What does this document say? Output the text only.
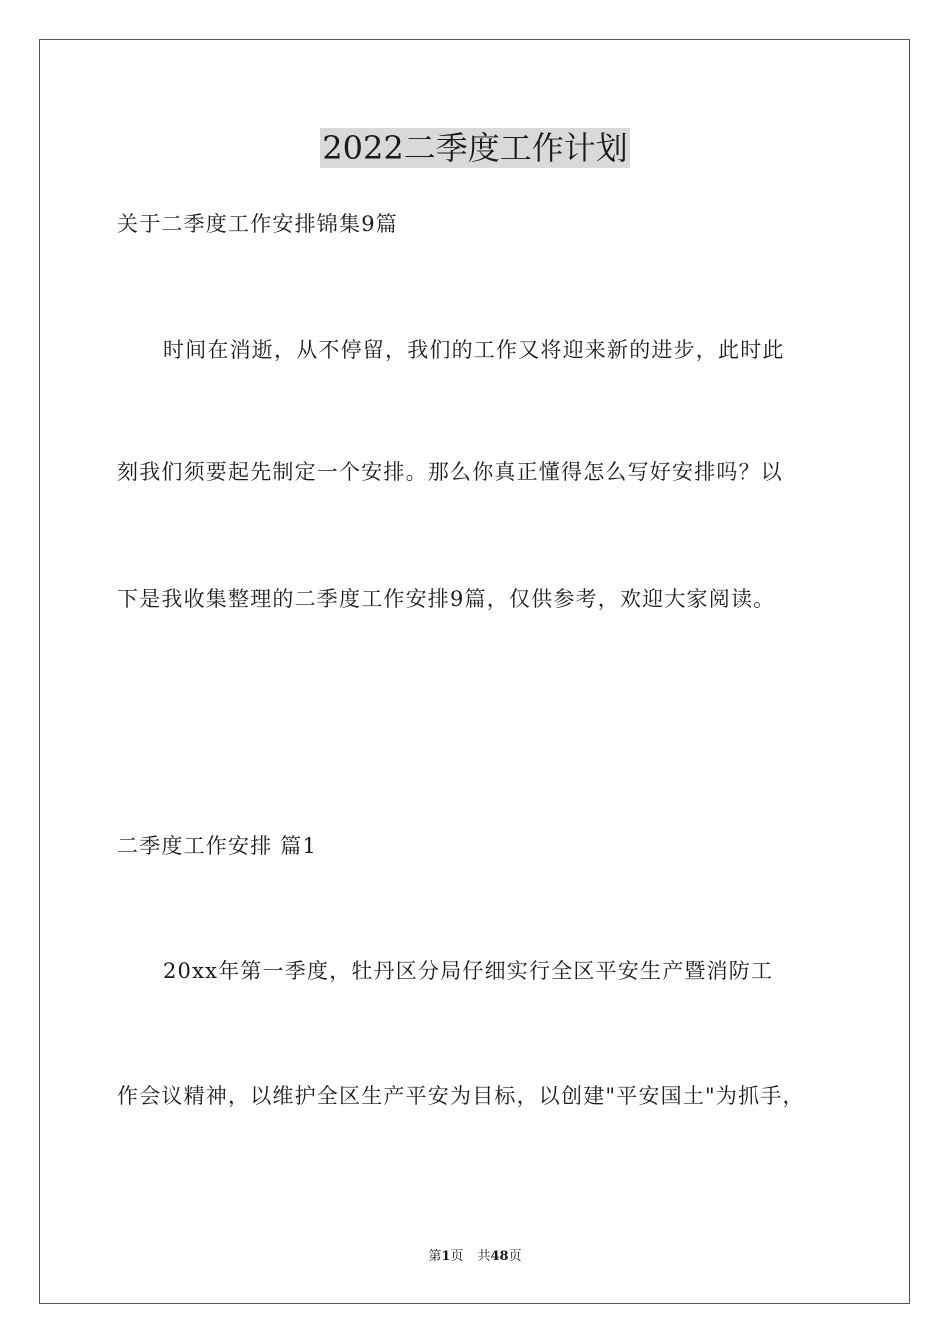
2022二季度工作计划

关于二季度工作安排锦集9篇

时间在消逝，从不停留，我们的工作又将迎来新的进步，此时此

刻我们须要起先制定一个安排。那么你真正懂得怎么写好安排吗？以

下是我收集整理的二季度工作安排9篇，仅供参考，欢迎大家阅读。

二季度工作安排 篇1

20xx年第一季度，牡丹区分局仔细实行全区平安生产暨消防工

作会议精神，以维护全区生产平安为目标，以创建"平安国土"为抓手，

第1页 共48页
